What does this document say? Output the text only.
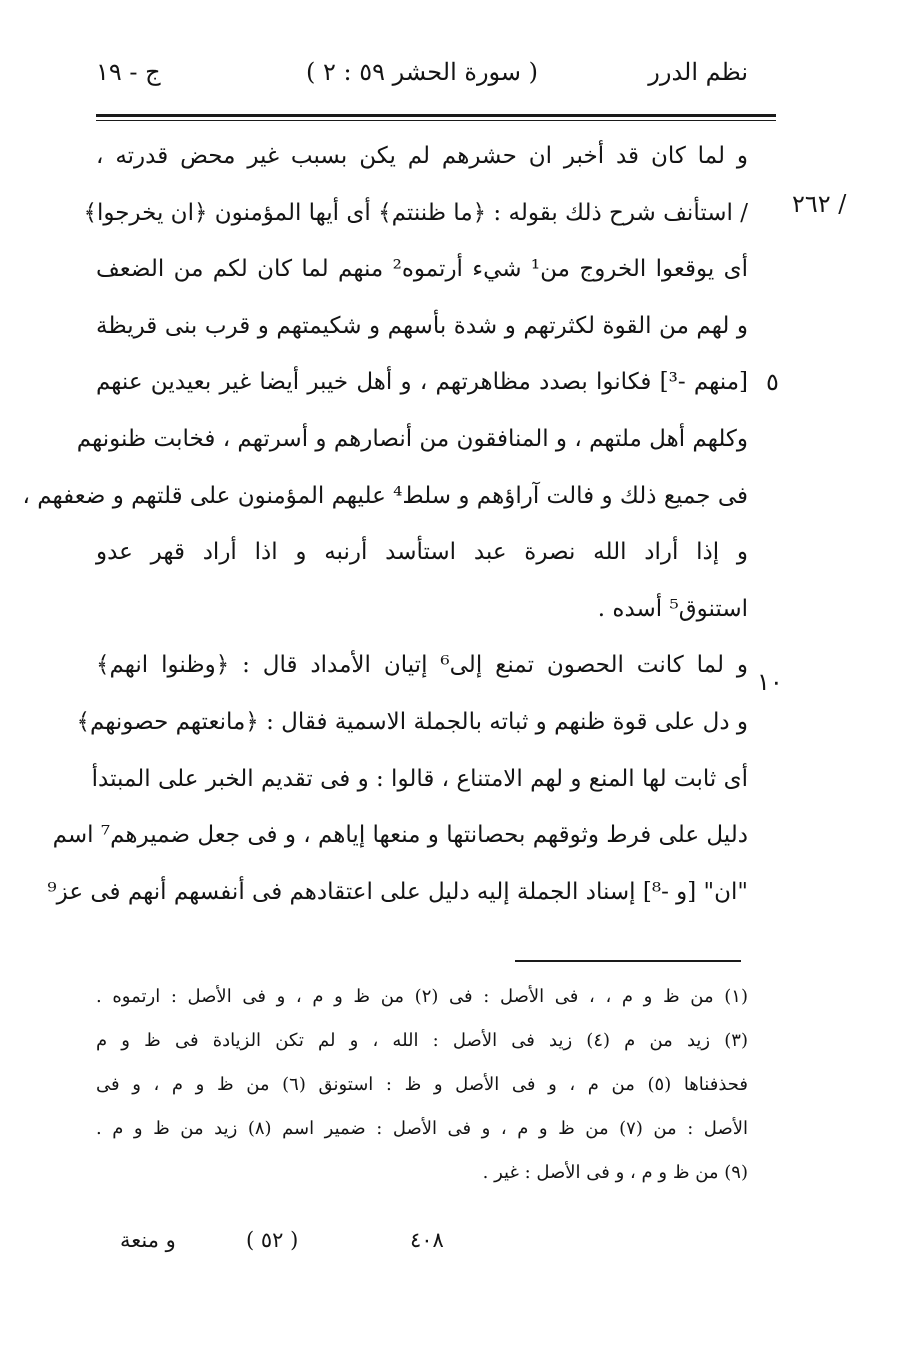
نظم الدرر
( سورة الحشر ٥٩ : ٢ )
ج - ١٩
٢٦٢ /
٥
١٠
و لما كان قد أخبر ان حشرهم لم يكن بسبب غير محض قدرته ،
/ استأنف شرح ذلك بقوله : ﴿ما ظننتم﴾ أى أيها المؤمنون ﴿ان يخرجوا﴾
أى يوقعوا الخروج من¹ شيء أرتموه² منهم لما كان لكم من الضعف
و لهم من القوة لكثرتهم و شدة بأسهم و شكيمتهم و قرب بنى قريظة
[منهم -³] فكانوا بصدد مظاهرتهم ، و أهل خيبر أيضا غير بعيدين عنهم
وكلهم أهل ملتهم ، و المنافقون من أنصارهم و أسرتهم ، فخابت ظنونهم
فى جميع ذلك و فالت آراؤهم و سلط⁴ عليهم المؤمنون على قلتهم و ضعفهم ،
و إذا أراد الله نصرة عبد استأسد أرنبه و اذا أراد قهر عدو
استنوق⁵ أسده .
و لما كانت الحصون تمنع إلى⁶ إتيان الأمداد قال : ﴿وظنوا انهم﴾
و دل على قوة ظنهم و ثباته بالجملة الاسمية فقال : ﴿مانعتهم حصونهم﴾
أى ثابت لها المنع و لهم الامتناع ، قالوا : و فى تقديم الخبر على المبتدأ
دليل على فرط وثوقهم بحصانتها و منعها إياهم ، و فى جعل ضميرهم⁷ اسم
"ان" [و -⁸] إسناد الجملة إليه دليل على اعتقادهم فى أنفسهم أنهم فى عز⁹
(١) من ظ و م ، ، فى الأصل : فى (٢) من ظ و م ، و فى الأصل : ارتموه .
(٣) زيد من م (٤) زيد فى الأصل : الله ، و لم تكن الزيادة فى ظ و م
فحذفناها (٥) من م ، و فى الأصل و ظ : استونق (٦) من ظ و م ، و فى
الأصل : من (٧) من ظ و م ، و فى الأصل : ضمير اسم (٨) زيد من ظ و م .
(٩) من ظ و م ، و فى الأصل : غير .
و منعة	( ٥٢ )	٤٠٨
